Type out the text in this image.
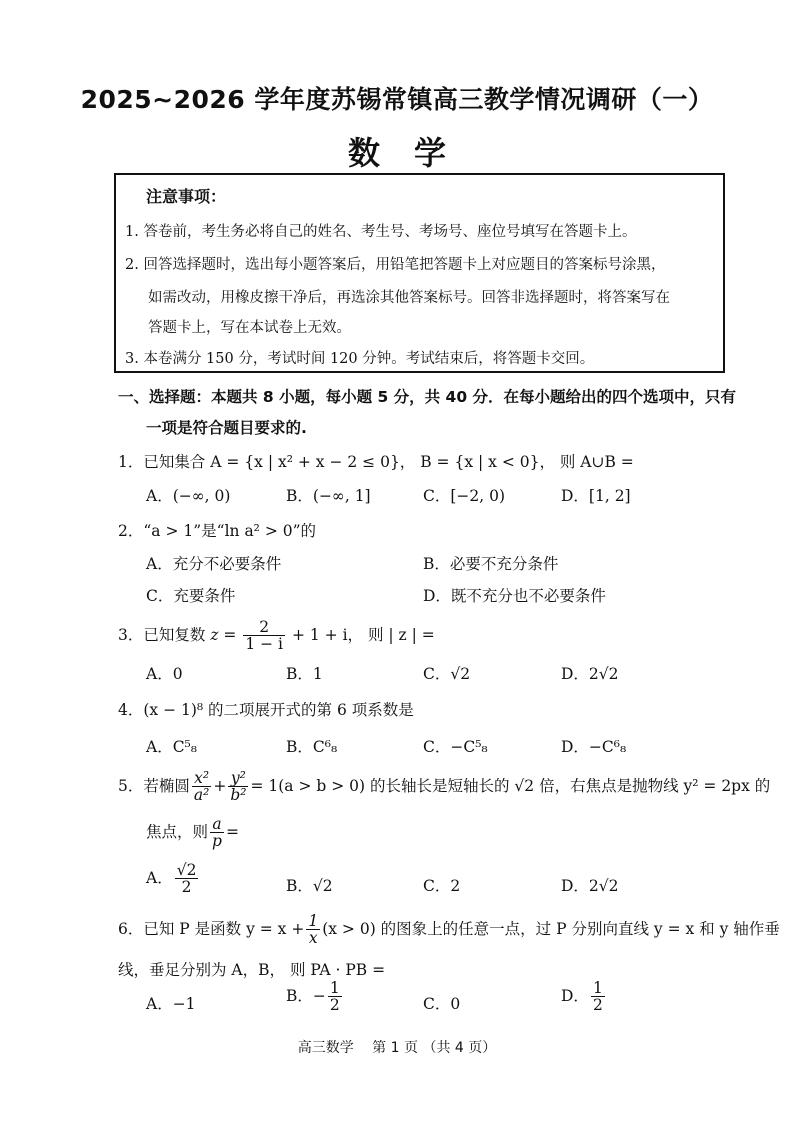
2025~2026 学年度苏锡常镇高三教学情况调研（一）
数学
注意事项：
1. 答卷前，考生务必将自己的姓名、考生号、考场号、座位号填写在答题卡上。
2. 回答选择题时，选出每小题答案后，用铅笔把答题卡上对应题目的答案标号涂黑，
如需改动，用橡皮擦干净后，再选涂其他答案标号。回答非选择题时，将答案写在
答题卡上，写在本试卷上无效。
3. 本卷满分 150 分，考试时间 120 分钟。考试结束后，将答题卡交回。
一、选择题：本题共 8 小题，每小题 5 分，共 40 分．在每小题给出的四个选项中，只有
一项是符合题目要求的.
1．已知集合 A = {x | x² + x − 2 ≤ 0}， B = {x | x < 0}， 则 A∪B =
A．(−∞, 0)	B．(−∞, 1]	C．[−2, 0)	D．[1, 2]
2．“a > 1”是“ln a² > 0”的
A．充分不必要条件	B．必要不充分条件
C．充要条件	D．既不充分也不必要条件
3．已知复数 $z = \frac{2}{1 - i} + 1 + i$， 则 | z | =
A．0	B．1	C．√2	D．2√2
4．(x − 1)⁸ 的二项展开式的第 6 项系数是
A．C⁵₈	B．C⁶₈	C．−C⁵₈	D．−C⁶₈
5．若椭圆 $\frac{\text{x²}}{\text{a²}} + \frac{\text{y²}}{\text{b²}} = 1(a > b > 0)$ 的长轴长是短轴长的 √2 倍，右焦点是抛物线 y² = 2px 的
焦点，则 $\frac{a}{p}$ =
A． $\frac{√2}{2}$	B．√2	C．2	D．2√2
6．已知 P 是函数 $y = x + \frac{1}{x} (x > 0)$ 的图象上的任意一点，过 P 分别向直线 y = x 和 y 轴作垂
线，垂足分别为 A，B， 则 PA · PB =
A．−1	B．− $\frac{1}{2}$	C．0	D． $\frac{1}{2}$
高三数学　 第 1 页 （共 4 页）
